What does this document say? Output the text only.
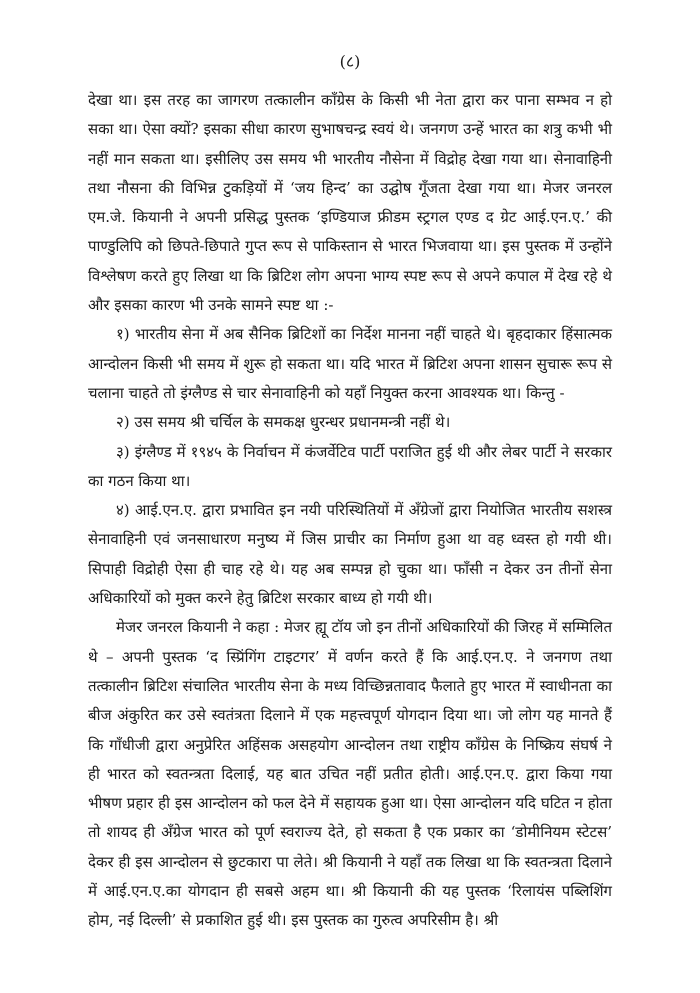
(८)

देखा था। इस तरह का जागरण तत्कालीन काँग्रेस के किसी भी नेता द्वारा कर पाना सम्भव न हो सका था। ऐसा क्यों? इसका सीधा कारण सुभाषचन्द्र स्वयं थे। जनगण उन्हें भारत का शत्रु कभी भी नहीं मान सकता था। इसीलिए उस समय भी भारतीय नौसेना में विद्रोह देखा गया था। सेनावाहिनी तथा नौसना की विभिन्न टुकड़ियों में ‘जय हिन्द’ का उद्घोष गूँजता देखा गया था। मेजर जनरल एम.जे. कियानी ने अपनी प्रसिद्ध पुस्तक ‘इण्डियाज फ्रीडम स्ट्रगल एण्ड द ग्रेट आई.एन.ए.’ की पाण्डुलिपि को छिपते-छिपाते गुप्त रूप से पाकिस्तान से भारत भिजवाया था। इस पुस्तक में उन्होंने विश्लेषण करते हुए लिखा था कि ब्रिटिश लोग अपना भाग्य स्पष्ट रूप से अपने कपाल में देख रहे थे और इसका कारण भी उनके सामने स्पष्ट था :-

१) भारतीय सेना में अब सैनिक ब्रिटिशों का निर्देश मानना नहीं चाहते थे। बृहदाकार हिंसात्मक आन्दोलन किसी भी समय में शुरू हो सकता था। यदि भारत में ब्रिटिश अपना शासन सुचारू रूप से चलाना चाहते तो इंग्लैण्ड से चार सेनावाहिनी को यहाँ नियुक्त करना आवश्यक था। किन्तु -

२) उस समय श्री चर्चिल के समकक्ष धुरन्धर प्रधानमन्त्री नहीं थे।

३) इंग्लैण्ड में १९४५ के निर्वाचन में कंजर्वेटिव पार्टी पराजित हुई थी और लेबर पार्टी ने सरकार का गठन किया था।

४) आई.एन.ए. द्वारा प्रभावित इन नयी परिस्थितियों में अँग्रेजों द्वारा नियोजित भारतीय सशस्त्र सेनावाहिनी एवं जनसाधारण मनुष्य में जिस प्राचीर का निर्माण हुआ था वह ध्वस्त हो गयी थी। सिपाही विद्रोही ऐसा ही चाह रहे थे। यह अब सम्पन्न हो चुका था। फाँसी न देकर उन तीनों सेना अधिकारियों को मुक्त करने हेतु ब्रिटिश सरकार बाध्य हो गयी थी।

मेजर जनरल कियानी ने कहा : मेजर ह्यू टॉय जो इन तीनों अधिकारियों की जिरह में सम्मिलित थे – अपनी पुस्तक ‘द स्प्रिंगिंग टाइटगर’ में वर्णन करते हैं कि आई.एन.ए. ने जनगण तथा तत्कालीन ब्रिटिश संचालित भारतीय सेना के मध्य विच्छिन्नतावाद फैलाते हुए भारत में स्वाधीनता का बीज अंकुरित कर उसे स्वतंत्रता दिलाने में एक महत्त्वपूर्ण योगदान दिया था। जो लोग यह मानते हैं कि गाँधीजी द्वारा अनुप्रेरित अहिंसक असहयोग आन्दोलन तथा राष्ट्रीय काँग्रेस के निष्क्रिय संघर्ष ने ही भारत को स्वतन्त्रता दिलाई, यह बात उचित नहीं प्रतीत होती। आई.एन.ए. द्वारा किया गया भीषण प्रहार ही इस आन्दोलन को फल देने में सहायक हुआ था। ऐसा आन्दोलन यदि घटित न होता तो शायद ही अँग्रेज भारत को पूर्ण स्वराज्य देते, हो सकता है एक प्रकार का ‘डोमीनियम स्टेटस’ देकर ही इस आन्दोलन से छुटकारा पा लेते। श्री कियानी ने यहाँ तक लिखा था कि स्वतन्त्रता दिलाने में आई.एन.ए.का योगदान ही सबसे अहम था। श्री कियानी की यह पुस्तक ‘रिलायंस पब्लिशिंग होम, नई दिल्ली’ से प्रकाशित हुई थी। इस पुस्तक का गुरुत्व अपरिसीम है। श्री
